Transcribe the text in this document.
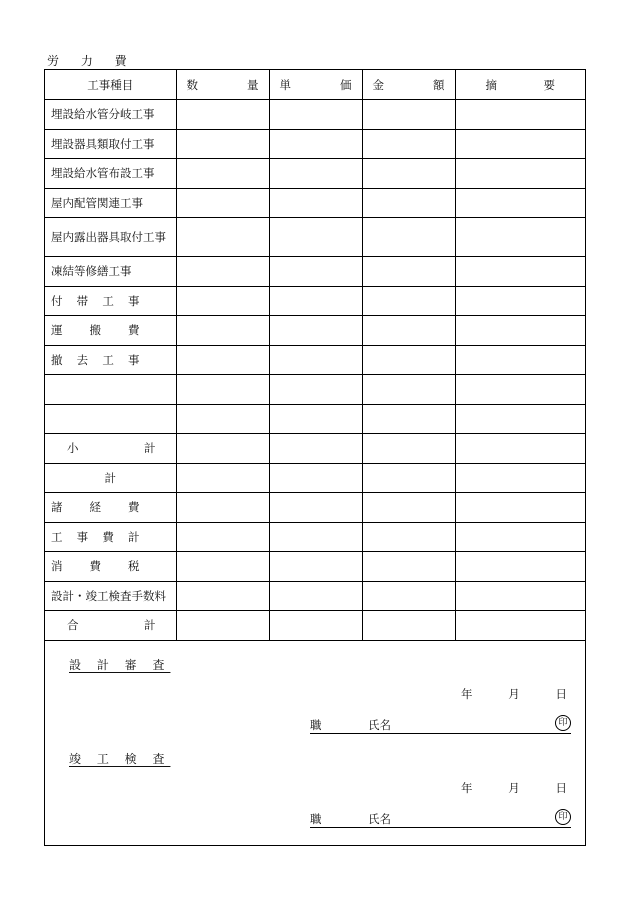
労 力 費
工事種目	数 量	単 価	金 額	摘 要

埋設給水管分岐工事				
埋設器具類取付工事				
埋設給水管布設工事				
屋内配管関連工事				
屋内露出器具取付工事				
凍結等修繕工事				

付 帯 工 事				

運 搬 費				

撤 去 工 事				

小 計				

計				

諸 経 費				

工 事 費 計				

消 費 税				

設計・竣工検査手数料				

合 計				

設 計 審 査
年	月	日
職	氏名	印
竣 工 検 査
年	月	日
職	氏名	印
